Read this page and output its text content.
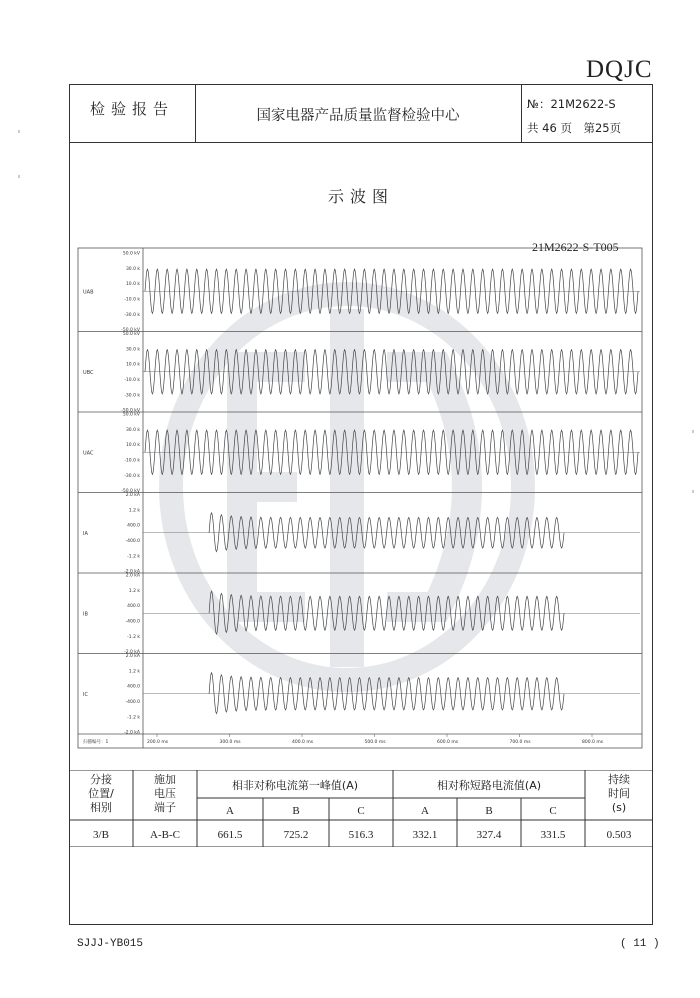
DQJC
检验报告	国家电器产品质量监督检验中心
№：21M2622-S
共 46 页　第25页
示波图
21M2622-S-T005
UAB
50.0 kV
30.0 k
10.0 k
-10.0 k
-30.0 k
-50.0 kV
UBC
50.0 kV
30.0 k
10.0 k
-10.0 k
-30.0 k
-50.0 kV
UAC
50.0 kV
30.0 k
10.0 k
-10.0 k
-30.0 k
-50.0 kV
IA
2.0 kA
1.2 k
400.0
-400.0
-1.2 k
-2.0 kA
IB
2.0 kA
1.2 k
400.0
-400.0
-1.2 k
-2.0 kA
IC
2.0 kA
1.2 k
400.0
-400.0
-1.2 k
-2.0 kA
扫描编号：1	200.0 ms	300.0 ms	400.0 ms	500.0 ms	600.0 ms	700.0 ms	800.0 ms
分接
位置/
相别
施加
电压
端子
相非对称电流第一峰值(A)	相对称短路电流值(A)	持续
时间
(s)
A	B	C	A	B	C
3/B	A-B-C	661.5	725.2	516.3	332.1	327.4	331.5	0.503
SJJJ-YB015	( 11 )
